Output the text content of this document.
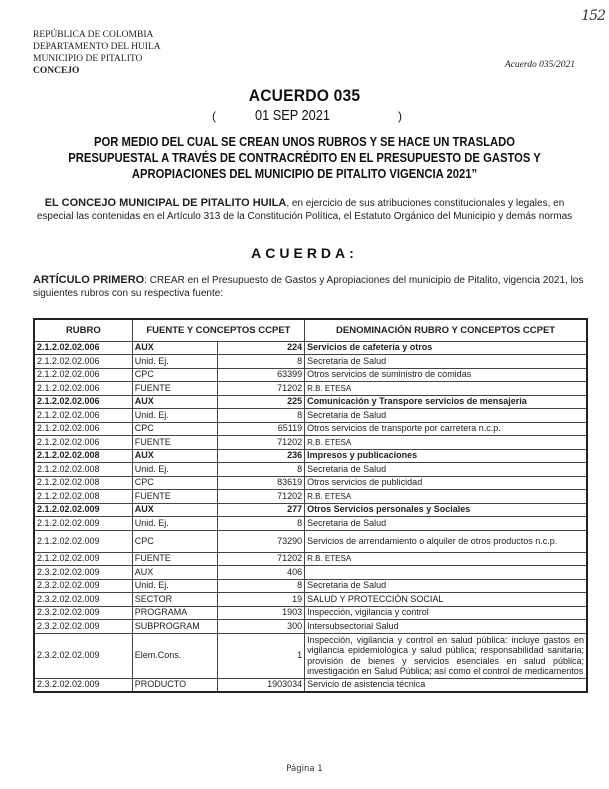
152
REPÚBLICA DE COLOMBIA
DEPARTAMENTO DEL HUILA
MUNICIPIO DE PITALITO
CONCEJO
Acuerdo 035/2021
ACUERDO 035
(	01 SEP 2021	)
POR MEDIO DEL CUAL SE CREAN UNOS RUBROS Y SE HACE UN TRASLADO PRESUPUESTAL A TRAVÉS DE CONTRACRÉDITO EN EL PRESUPUESTO DE GASTOS Y APROPIACIONES DEL MUNICIPIO DE PITALITO VIGENCIA 2021”
EL CONCEJO MUNICIPAL DE PITALITO HUILA, en ejercicio de sus atribuciones constitucionales y legales, en especial las contenidas en el Artículo 313 de la Constitución Política, el Estatuto Orgánico del Municipio y demás normas
ACUERDA:
ARTÍCULO PRIMERO: CREAR en el Presupuesto de Gastos y Apropiaciones del municipio de Pitalito, vigencia 2021, los siguientes rubros con su respectiva fuente:
RUBRO	FUENTE Y CONCEPTOS CCPET		DENOMINACIÓN RUBRO Y CONCEPTOS CCPET
2.1.2.02.02.006	AUX	224	Servicios de cafetería y otros
2.1.2.02.02.006	Unid. Ej.	8	Secretaria de Salud
2.1.2.02.02.006	CPC	63399	Otros servicios de suministro de comidas
2.1.2.02.02.006	FUENTE	71202	R.B. ETESA
2.1.2.02.02.006	AUX	225	Comunicación y Transpore servicios de mensajeria
2.1.2.02.02.006	Unid. Ej.	8	Secretaria de Salud
2.1.2.02.02.006	CPC	65119	Otros servicios de transporte por carretera n.c.p.
2.1.2.02.02.006	FUENTE	71202	R.B. ETESA
2.1.2.02.02.008	AUX	236	Impresos y publicaciones
2.1.2.02.02.008	Unid. Ej.	8	Secretaria de Salud
2.1.2.02.02.008	CPC	83619	Otros servicios de publicidad
2.1.2.02.02.008	FUENTE	71202	R.B. ETESA
2.1.2.02.02.009	AUX	277	Otros Servicios personales y Sociales
2.1.2.02.02.009	Unid. Ej.	8	Secretaria de Salud
2.1.2.02.02.009	CPC	73290	Servicios de arrendamiento o alquiler de otros productos n.c.p.
2.1.2.02.02.009	FUENTE	71202	R.B. ETESA
2.3.2.02.02.009	AUX	406	
2.3.2.02.02.009	Unid. Ej.	8	Secretaria de Salud
2.3.2.02.02.009	SECTOR	19	SALUD Y PROTECCIÓN SOCIAL
2.3.2.02.02.009	PROGRAMA	1903	Inspección, vigilancia y control
2.3.2.02.02.009	SUBPROGRAM	300	Intersubsectorial Salud
2.3.2.02.02.009	Elem.Cons.	1	Inspección, vigilancia y control en salud pública: incluye gastos en vigilancia epidemiológica y salud pública; responsabilidad sanitaria; provisión de bienes y servicios esenciales en salud pública; investigación en Salud Pública; así como el control de medicamentos
2.3.2.02.02.009	PRODUCTO	1903034	Servicio de asistencia técnica
Página 1
